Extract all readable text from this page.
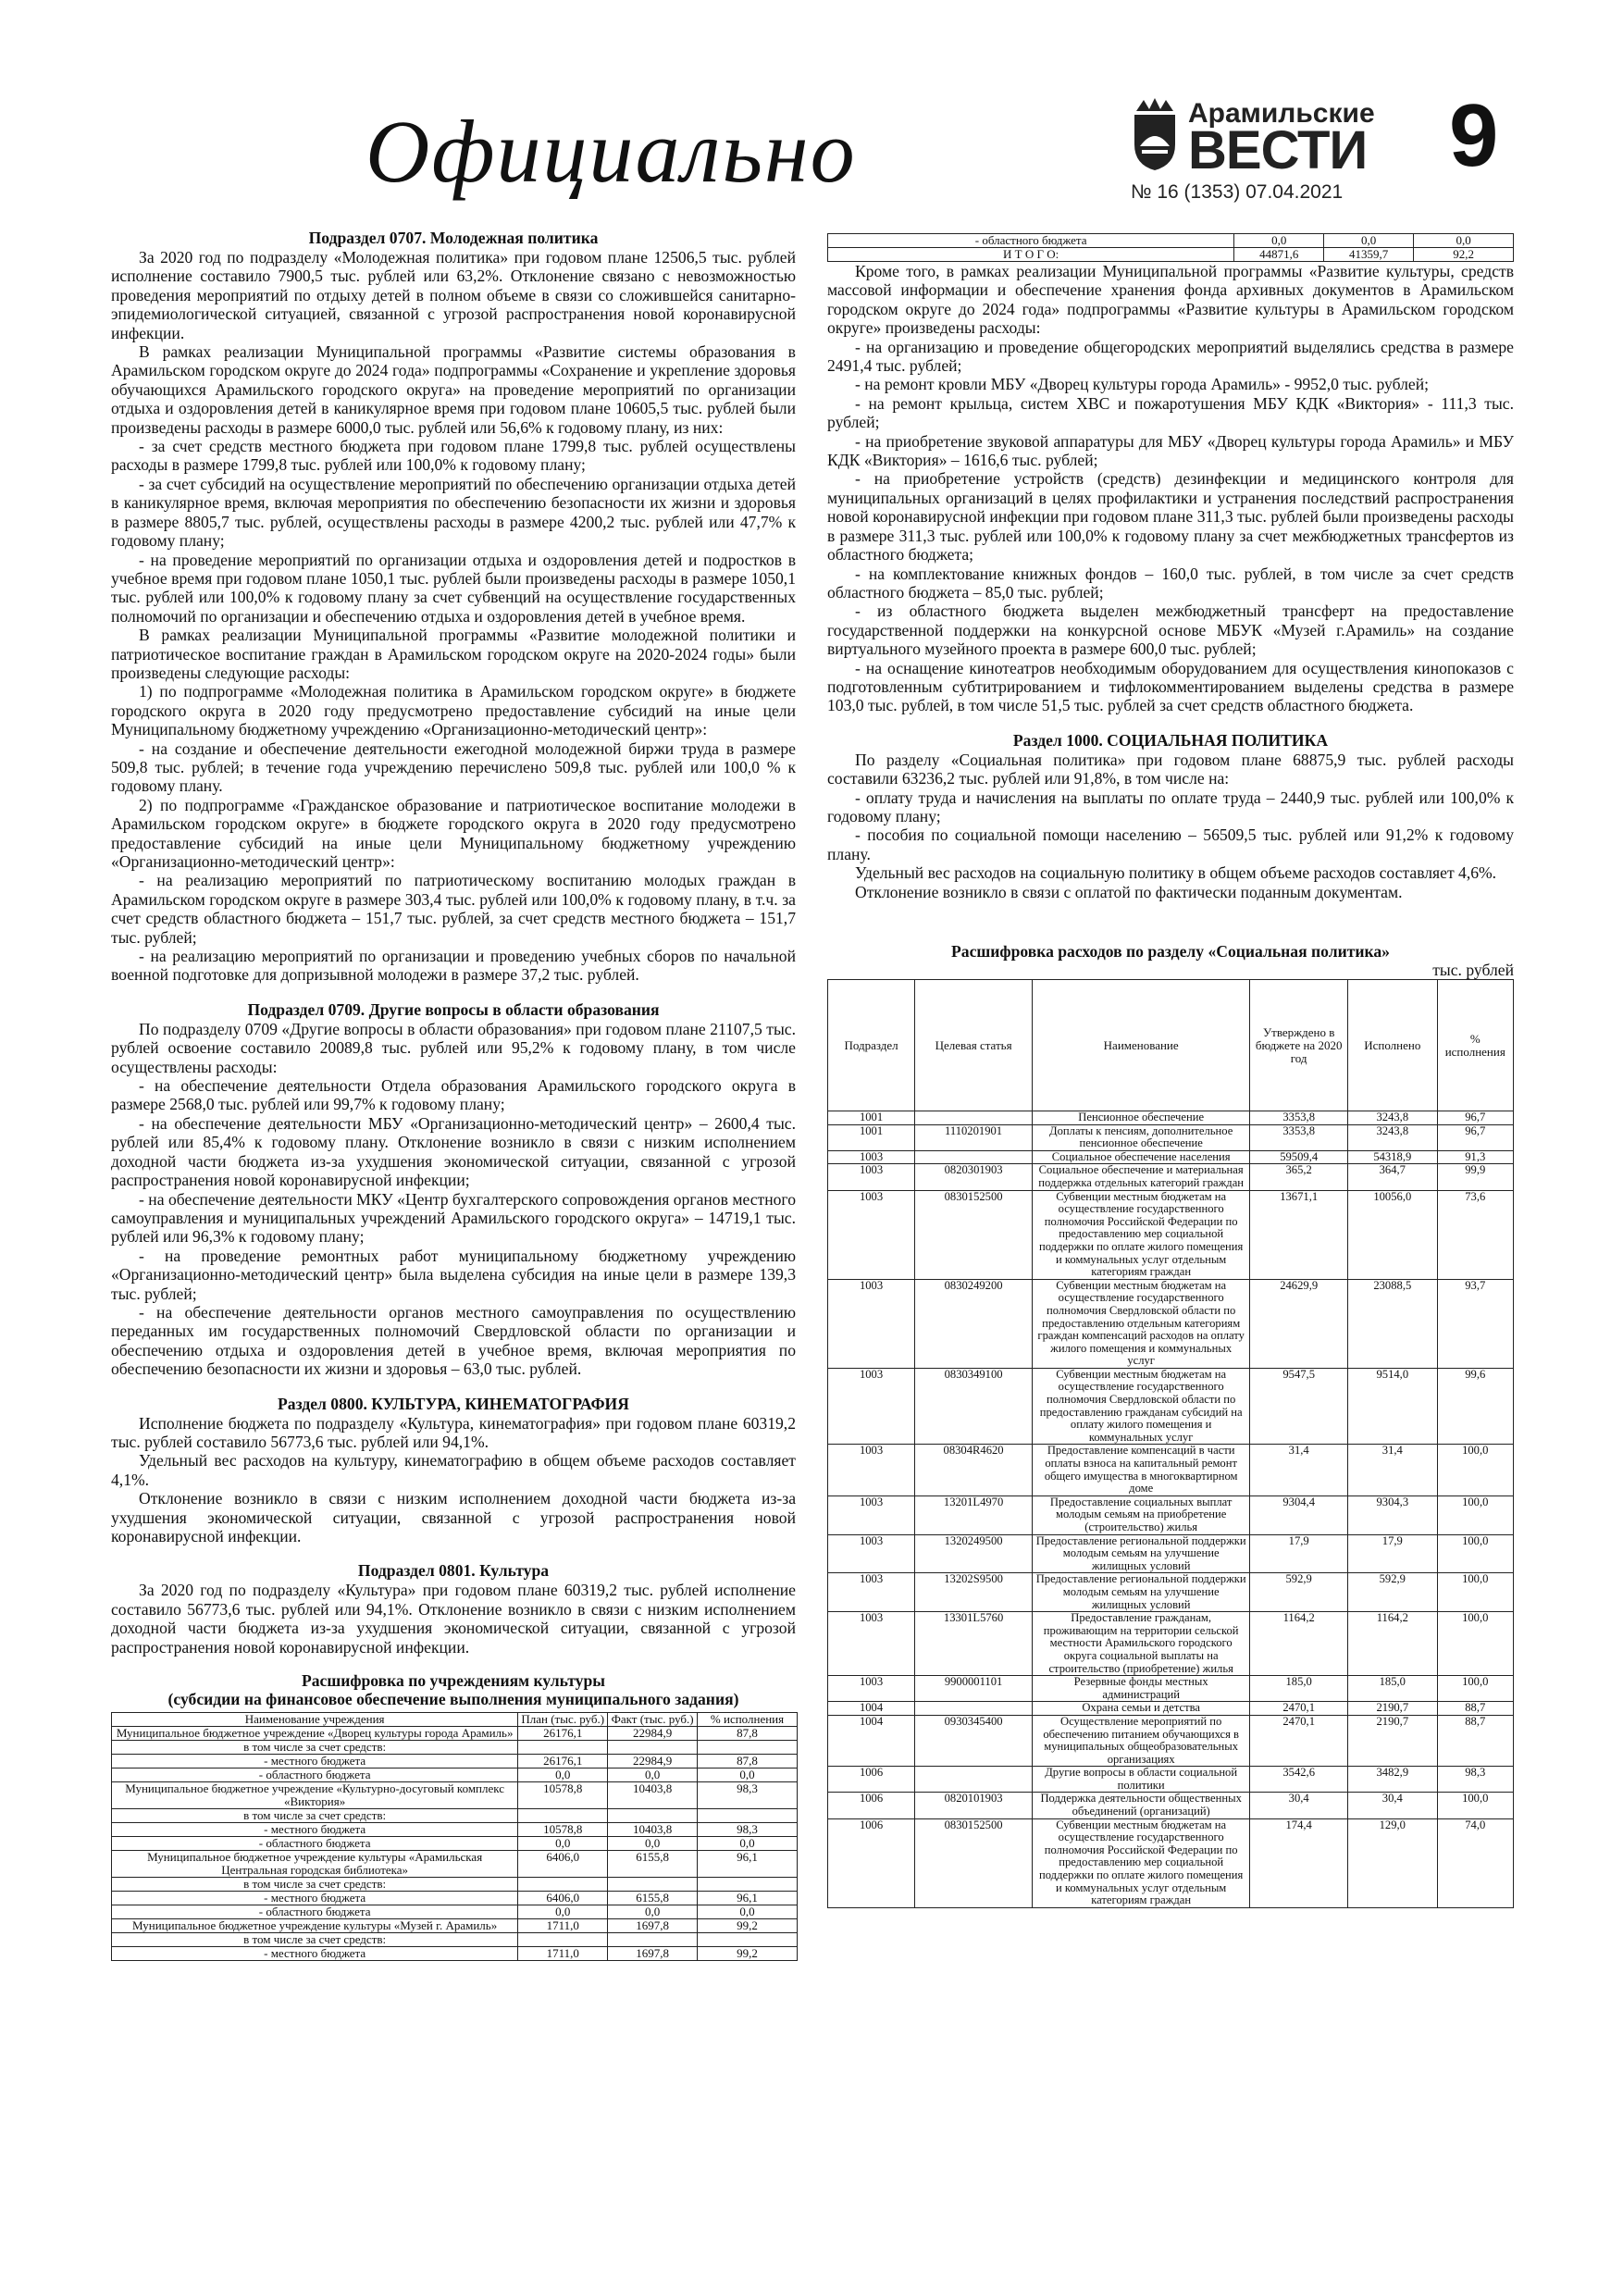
Официально	Арамильские
ВЕСТИ
№ 16 (1353) 07.04.2021
9
Подраздел 0707. Молодежная политика

За 2020 год по подразделу «Молодежная политика» при годовом плане 12506,5 тыс. рублей исполнение составило 7900,5 тыс. рублей или 63,2%. Отклонение связано с невозможностью проведения мероприятий по отдыху детей в полном объеме в связи со сложившейся санитарно-эпидемиологической ситуацией, связанной с угрозой распространения новой коронавирусной инфекции.

В рамках реализации Муниципальной программы «Развитие системы образования в Арамильском городском округе до 2024 года» подпрограммы «Сохранение и укрепление здоровья обучающихся Арамильского городского округа» на проведение мероприятий по организации отдыха и оздоровления детей в каникулярное время при годовом плане 10605,5 тыс. рублей были произведены расходы в размере 6000,0 тыс. рублей или 56,6% к годовому плану, из них:

- за счет средств местного бюджета при годовом плане 1799,8 тыс. рублей осуществлены расходы в размере 1799,8 тыс. рублей или 100,0% к годовому плану;

- за счет субсидий на осуществление мероприятий по обеспечению организации отдыха детей в каникулярное время, включая мероприятия по обеспечению безопасности их жизни и здоровья в размере 8805,7 тыс. рублей, осуществлены расходы в размере 4200,2 тыс. рублей или 47,7% к годовому плану;

- на проведение мероприятий по организации отдыха и оздоровления детей и подростков в учебное время при годовом плане 1050,1 тыс. рублей были произведены расходы в размере 1050,1 тыс. рублей или 100,0% к годовому плану за счет субвенций на осуществление государственных полномочий по организации и обеспечению отдыха и оздоровления детей в учебное время.

В рамках реализации Муниципальной программы «Развитие молодежной политики и патриотическое воспитание граждан в Арамильском городском округе на 2020-2024 годы» были произведены следующие расходы:

1) по подпрограмме «Молодежная политика в Арамильском городском округе» в бюджете городского округа в 2020 году предусмотрено предоставление субсидий на иные цели Муниципальному бюджетному учреждению «Организационно-методический центр»:

- на создание и обеспечение деятельности ежегодной молодежной биржи труда в размере 509,8 тыс. рублей; в течение года учреждению перечислено 509,8 тыс. рублей или 100,0 % к годовому плану.

2) по подпрограмме «Гражданское образование и патриотическое воспитание молодежи в Арамильском городском округе» в бюджете городского округа в 2020 году предусмотрено предоставление субсидий на иные цели Муниципальному бюджетному учреждению «Организационно-методический центр»:

- на реализацию мероприятий по патриотическому воспитанию молодых граждан в Арамильском городском округе в размере 303,4 тыс. рублей или 100,0% к годовому плану, в т.ч. за счет средств областного бюджета – 151,7 тыс. рублей, за счет средств местного бюджета – 151,7 тыс. рублей;

- на реализацию мероприятий по организации и проведению учебных сборов по начальной военной подготовке для допризывной молодежи в размере 37,2 тыс. рублей.

Подраздел 0709. Другие вопросы в области образования

По подразделу 0709 «Другие вопросы в области образования» при годовом плане 21107,5 тыс. рублей освоение составило 20089,8 тыс. рублей или 95,2% к годовому плану, в том числе осуществлены расходы:

- на обеспечение деятельности Отдела образования Арамильского городского округа в размере 2568,0 тыс. рублей или 99,7% к годовому плану;

- на обеспечение деятельности МБУ «Организационно-методический центр» – 2600,4 тыс. рублей или 85,4% к годовому плану. Отклонение возникло в связи с низким исполнением доходной части бюджета из-за ухудшения экономической ситуации, связанной с угрозой распространения новой коронавирусной инфекции;

- на обеспечение деятельности МКУ «Центр бухгалтерского сопровождения органов местного самоуправления и муниципальных учреждений Арамильского городского округа» – 14719,1 тыс. рублей или 96,3% к годовому плану;

- на проведение ремонтных работ муниципальному бюджетному учреждению «Организационно-методический центр» была выделена субсидия на иные цели в размере 139,3 тыс. рублей;

- на обеспечение деятельности органов местного самоуправления по осуществлению переданных им государственных полномочий Свердловской области по организации и обеспечению отдыха и оздоровления детей в учебное время, включая мероприятия по обеспечению безопасности их жизни и здоровья – 63,0 тыс. рублей.

Раздел 0800. КУЛЬТУРА, КИНЕМАТОГРАФИЯ

Исполнение бюджета по подразделу «Культура, кинематография» при годовом плане 60319,2 тыс. рублей составило 56773,6 тыс. рублей или 94,1%.

Удельный вес расходов на культуру, кинематографию в общем объеме расходов составляет 4,1%.

Отклонение возникло в связи с низким исполнением доходной части бюджета из-за ухудшения экономической ситуации, связанной с угрозой распространения новой коронавирусной инфекции.

Подраздел 0801. Культура

За 2020 год по подразделу «Культура» при годовом плане 60319,2 тыс. рублей исполнение составило 56773,6 тыс. рублей или 94,1%. Отклонение возникло в связи с низким исполнением доходной части бюджета из-за ухудшения экономической ситуации, связанной с угрозой распространения новой коронавирусной инфекции.

Расшифровка по учреждениям культуры
(субсидии на финансовое обеспечение выполнения муниципального задания)
Наименование учреждения	План (тыс. руб.)	Факт (тыс. руб.)	% исполнения
Муниципальное бюджетное учреждение «Дворец культуры города Арамиль»	26176,1	22984,9	87,8
в том числе за счет средств:			
- местного бюджета	26176,1	22984,9	87,8
- областного бюджета	0,0	0,0	0,0
Муниципальное бюджетное учреждение «Культурно-досуговый комплекс «Виктория»	10578,8	10403,8	98,3
в том числе за счет средств:			
- местного бюджета	10578,8	10403,8	98,3
- областного бюджета	0,0	0,0	0,0
Муниципальное бюджетное учреждение культуры «Арамильская Центральная городская библиотека»	6406,0	6155,8	96,1
в том числе за счет средств:			
- местного бюджета	6406,0	6155,8	96,1
- областного бюджета	0,0	0,0	0,0
Муниципальное бюджетное учреждение культуры «Музей г. Арамиль»	1711,0	1697,8	99,2
в том числе за счет средств:			
- местного бюджета	1711,0	1697,8	99,2
- областного бюджета	0,0	0,0	0,0
И Т О Г О:	44871,6	41359,7	92,2

Кроме того, в рамках реализации Муниципальной программы «Развитие культуры, средств массовой информации и обеспечение хранения фонда архивных документов в Арамильском городском округе до 2024 года» подпрограммы «Развитие культуры в Арамильском городском округе» произведены расходы:

- на организацию и проведение общегородских мероприятий выделялись средства в размере 2491,4 тыс. рублей;

- на ремонт кровли МБУ «Дворец культуры города Арамиль» - 9952,0 тыс. рублей;

- на ремонт крыльца, систем ХВС и пожаротушения МБУ КДК «Виктория» - 111,3 тыс. рублей;

- на приобретение звуковой аппаратуры для МБУ «Дворец культуры города Арамиль» и МБУ КДК «Виктория» – 1616,6 тыс. рублей;

- на приобретение устройств (средств) дезинфекции и медицинского контроля для муниципальных организаций в целях профилактики и устранения последствий распространения новой коронавирусной инфекции при годовом плане 311,3 тыс. рублей были произведены расходы в размере 311,3 тыс. рублей или 100,0% к годовому плану за счет межбюджетных трансфертов из областного бюджета;

- на комплектование книжных фондов – 160,0 тыс. рублей, в том числе за счет средств областного бюджета – 85,0 тыс. рублей;

- из областного бюджета выделен межбюджетный трансферт на предоставление государственной поддержки на конкурсной основе МБУК «Музей г.Арамиль» на создание виртуального музейного проекта в размере 600,0 тыс. рублей;

- на оснащение кинотеатров необходимым оборудованием для осуществления кинопоказов с подготовленным субтитрированием и тифлокомментированием выделены средства в размере 103,0 тыс. рублей, в том числе 51,5 тыс. рублей за счет средств областного бюджета.

Раздел 1000. СОЦИАЛЬНАЯ ПОЛИТИКА

По разделу «Социальная политика» при годовом плане 68875,9 тыс. рублей расходы составили 63236,2 тыс. рублей или 91,8%, в том числе на:

- оплату труда и начисления на выплаты по оплате труда – 2440,9 тыс. рублей или 100,0% к годовому плану;

- пособия по социальной помощи населению – 56509,5 тыс. рублей или 91,2% к годовому плану.

Удельный вес расходов на социальную политику в общем объеме расходов составляет 4,6%.

Отклонение возникло в связи с оплатой по фактически поданным документам.

Расшифровка расходов по разделу «Социальная политика»
тыс. рублей
Подраздел	Целевая статья	Наименование	Утверждено в бюджете на 2020 год	Исполнено	% исполнения
1001		Пенсионное обеспечение	3353,8	3243,8	96,7
1001	1110201901	Доплаты к пенсиям, дополнительное пенсионное обеспечение	3353,8	3243,8	96,7
1003		Социальное обеспечение населения	59509,4	54318,9	91,3
1003	0820301903	Социальное обеспечение и материальная поддержка отдельных категорий граждан	365,2	364,7	99,9
1003	0830152500	Субвенции местным бюджетам на осуществление государственного полномочия Российской Федерации по предоставлению мер социальной поддержки по оплате жилого помещения и коммунальных услуг отдельным категориям граждан	13671,1	10056,0	73,6
1003	0830249200	Субвенции местным бюджетам на осуществление государственного полномочия Свердловской области по предоставлению отдельным категориям граждан компенсаций расходов на оплату жилого помещения и коммунальных услуг	24629,9	23088,5	93,7
1003	0830349100	Субвенции местным бюджетам на осуществление государственного полномочия Свердловской области по предоставлению гражданам субсидий на оплату жилого помещения и коммунальных услуг	9547,5	9514,0	99,6
1003	08304R4620	Предоставление компенсаций в части оплаты взноса на капитальный ремонт общего имущества в многоквартирном доме	31,4	31,4	100,0
1003	13201L4970	Предоставление социальных выплат молодым семьям на приобретение (строительство) жилья	9304,4	9304,3	100,0
1003	1320249500	Предоставление региональной поддержки молодым семьям на улучшение жилищных условий	17,9	17,9	100,0
1003	13202S9500	Предоставление региональной поддержки молодым семьям на улучшение жилищных условий	592,9	592,9	100,0
1003	13301L5760	Предоставление гражданам, проживающим на территории сельской местности Арамильского городского округа социальной выплаты на строительство (приобретение) жилья	1164,2	1164,2	100,0
1003	9900001101	Резервные фонды местных администраций	185,0	185,0	100,0
1004		Охрана семьи и детства	2470,1	2190,7	88,7
1004	0930345400	Осуществление мероприятий по обеспечению питанием обучающихся в муниципальных общеобразовательных организациях	2470,1	2190,7	88,7
1006		Другие вопросы в области социальной политики	3542,6	3482,9	98,3
1006	0820101903	Поддержка деятельности общественных объединений (организаций)	30,4	30,4	100,0
1006	0830152500	Субвенции местным бюджетам на осуществление государственного полномочия Российской Федерации по предоставлению мер социальной поддержки по оплате жилого помещения и коммунальных услуг отдельным категориям граждан	174,4	129,0	74,0
